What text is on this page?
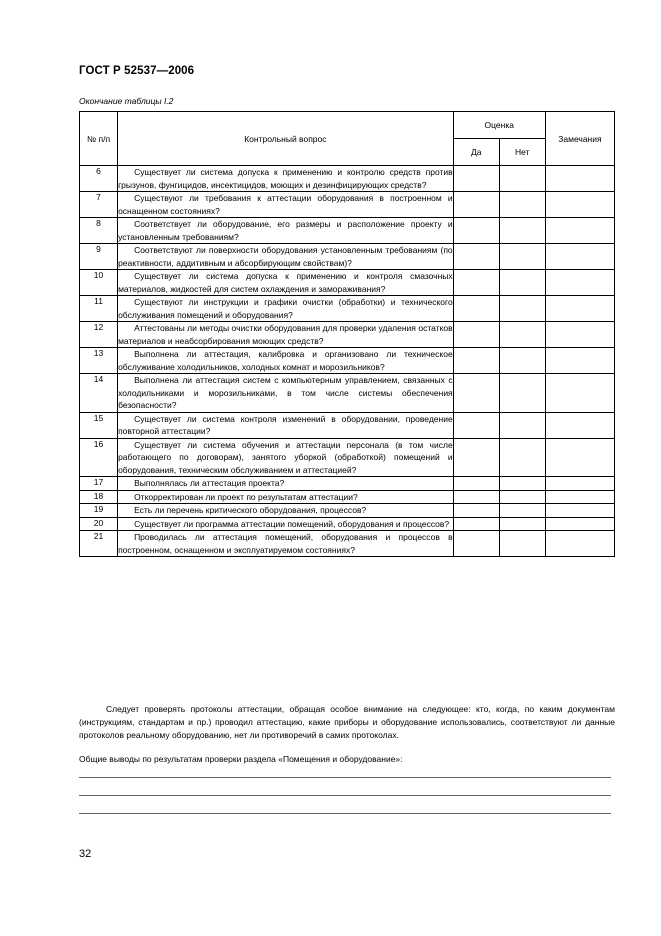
ГОСТ Р 52537—2006
Окончание таблицы I.2
№ п/п	Контрольный вопрос	Оценка		Замечания
		Да	Нет	
6	Существует ли система допуска к применению и контролю средств против грызунов, фунгицидов, инсектицидов, моющих и дезинфицирующих средств?			

7	Существуют ли требования к аттестации оборудования в построенном и оснащенном состояниях?			

8	Соответствует ли оборудование, его размеры и расположение проекту и установленным требованиям?			

9	Соответствуют ли поверхности оборудования установленным требованиям (по реактивности, аддитивным и абсорбирующим свойствам)?			

10	Существует ли система допуска к применению и контроля смазочных материалов, жидкостей для систем охлаждения и замораживания?			

11	Существуют ли инструкции и графики очистки (обработки) и технического обслуживания помещений и оборудования?			

12	Аттестованы ли методы очистки оборудования для проверки удаления остатков материалов и неабсорбирования моющих средств?			

13	Выполнена ли аттестация, калибровка и организовано ли техническое обслуживание холодильников, холодных комнат и морозильников?			

14	Выполнена ли аттестация систем с компьютерным управлением, связанных с холодильниками и морозильниками, в том числе системы обеспечения безопасности?			

15	Существует ли система контроля изменений в оборудовании, проведение повторной аттестации?			

16	Существует ли система обучения и аттестации персонала (в том числе работающего по договорам), занятого уборкой (обработкой) помещений и оборудования, техническим обслуживанием и аттестацией?			

17	Выполнялась ли аттестация проекта?			

18	Откорректирован ли проект по результатам аттестации?			

19	Есть ли перечень критического оборудования, процессов?			

20	Существует ли программа аттестации помещений, оборудования и процессов?			

21	Проводилась ли аттестация помещений, оборудования и процессов в построенном, оснащенном и эксплуатируемом состояниях?			

Следует проверять протоколы аттестации, обращая особое внимание на следующее: кто, когда, по каким документам (инструкциям, стандартам и пр.) проводил аттестацию, какие приборы и оборудование использовались, соответствуют ли данные протоколов реальному оборудованию, нет ли противоречий в самих протоколах.
Общие выводы по результатам проверки раздела «Помещения и оборудование»:
32
